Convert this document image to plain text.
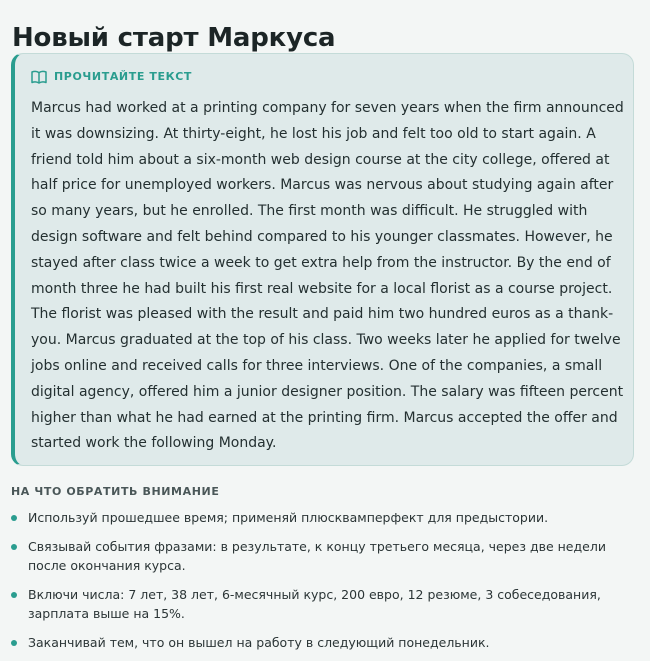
Новый старт Маркуса
ПРОЧИТАЙТЕ ТЕКСТ

Marcus had worked at a printing company for seven years when the firm announced it was downsizing. At thirty-eight, he lost his job and felt too old to start again. A friend told him about a six-month web design course at the city college, offered at half price for unemployed workers. Marcus was nervous about studying again after so many years, but he enrolled. The first month was difficult. He struggled with design software and felt behind compared to his younger classmates. However, he stayed after class twice a week to get extra help from the instructor. By the end of month three he had built his first real website for a local florist as a course project. The florist was pleased with the result and paid him two hundred euros as a thank-you. Marcus graduated at the top of his class. Two weeks later he applied for twelve jobs online and received calls for three interviews. One of the companies, a small digital agency, offered him a junior designer position. The salary was fifteen percent higher than what he had earned at the printing firm. Marcus accepted the offer and started work the following Monday.

НА ЧТО ОБРАТИТЬ ВНИМАНИЕ
Используй прошедшее время; применяй плюсквамперфект для предыстории.
Связывай события фразами: в результате, к концу третьего месяца, через две недели после окончания курса.
Включи числа: 7 лет, 38 лет, 6-месячный курс, 200 евро, 12 резюме, 3 собеседования, зарплата выше на 15%.
Заканчивай тем, что он вышел на работу в следующий понедельник.
